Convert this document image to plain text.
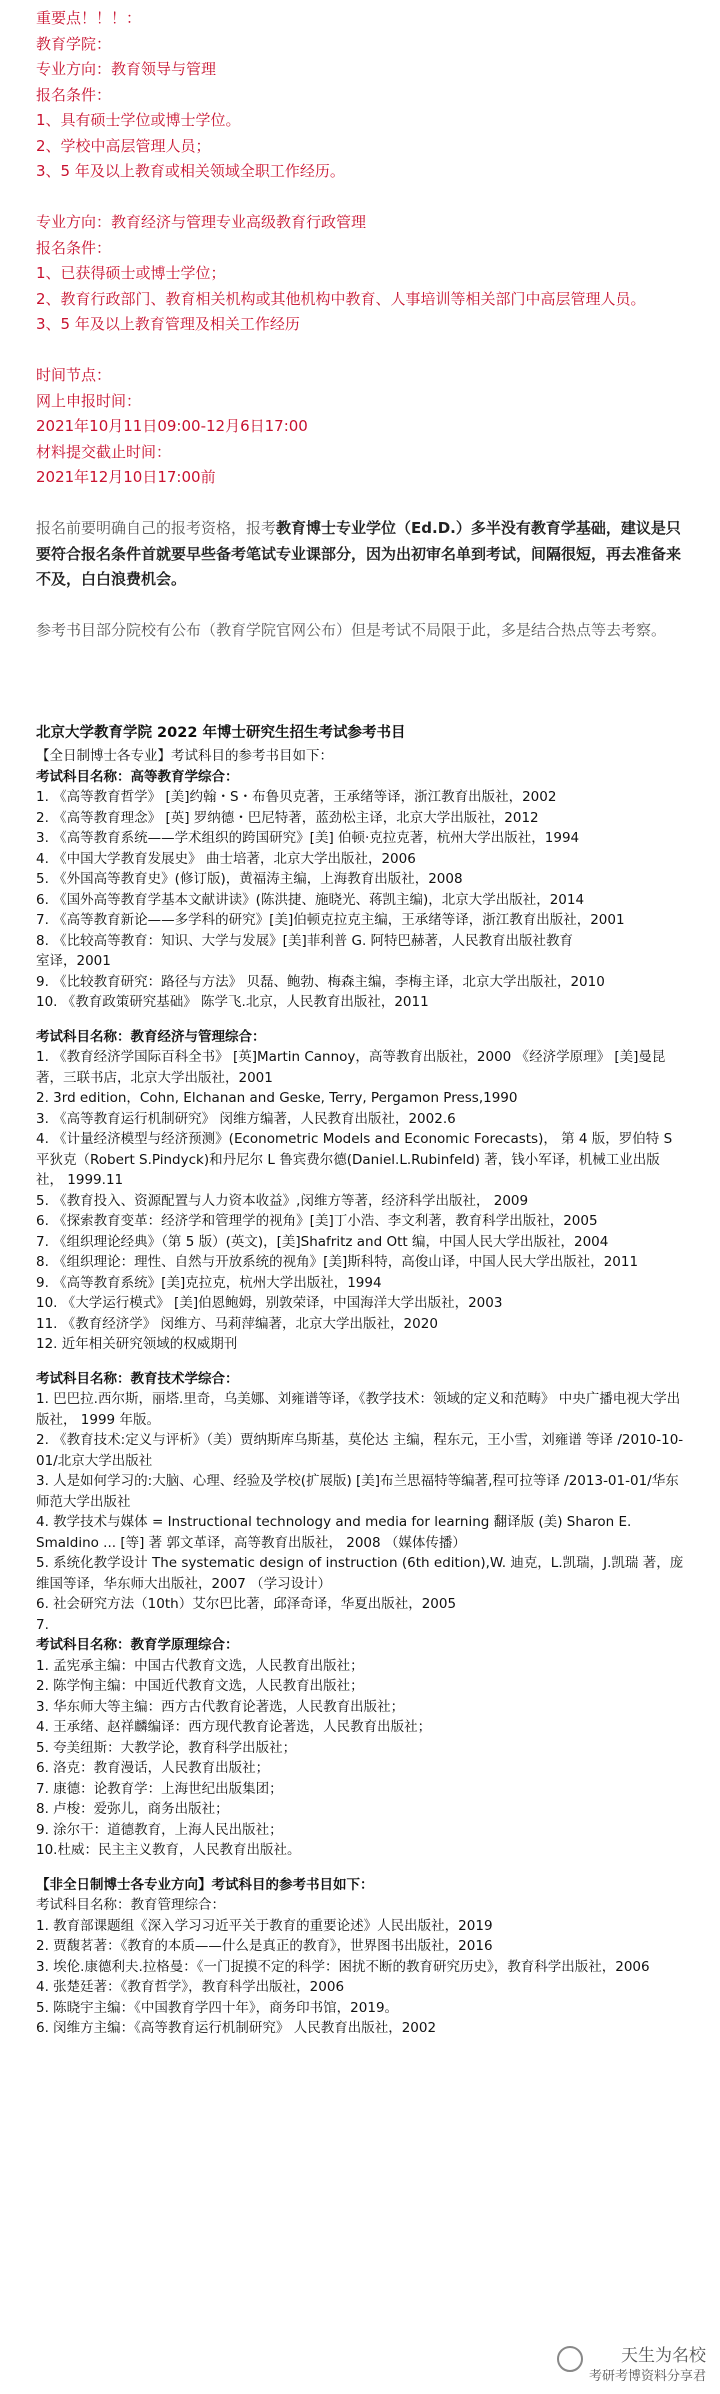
重要点！！！：
教育学院：
专业方向：教育领导与管理
报名条件：
1、具有硕士学位或博士学位。
2、学校中高层管理人员；
3、5 年及以上教育或相关领域全职工作经历。
专业方向：教育经济与管理专业高级教育行政管理
报名条件：
1、已获得硕士或博士学位；
2、教育行政部门、教育相关机构或其他机构中教育、人事培训等相关部门中高层管理人员。
3、5 年及以上教育管理及相关工作经历
时间节点：
网上申报时间：
2021年10月11日09:00-12月6日17:00
材料提交截止时间：
2021年12月10日17:00前
报名前要明确自己的报考资格，报考教育博士专业学位（Ed.D.）多半没有教育学基础，建议是只要符合报名条件首就要早些备考笔试专业课部分，因为出初审名单到考试，间隔很短，再去准备来不及，白白浪费机会。
参考书目部分院校有公布（教育学院官网公布）但是考试不局限于此，多是结合热点等去考察。
北京大学教育学院 2022 年博士研究生招生考试参考书目
【全日制博士各专业】考试科目的参考书目如下：
考试科目名称：高等教育学综合：
1. 《高等教育哲学》 [美]约翰・S・布鲁贝克著，王承绪等译，浙江教育出版社，2002
2. 《高等教育理念》 [英] 罗纳德・巴尼特著，蓝劲松主译，北京大学出版社，2012
3. 《高等教育系统——学术组织的跨国研究》[美] 伯顿·克拉克著，杭州大学出版社，1994
4. 《中国大学教育发展史》 曲士培著，北京大学出版社，2006
5. 《外国高等教育史》(修订版)，黄福涛主编，上海教育出版社，2008
6. 《国外高等教育学基本文献讲读》(陈洪捷、施晓光、蒋凯主编)，北京大学出版社，2014
7. 《高等教育新论——多学科的研究》[美]伯顿克拉克主编，王承绪等译，浙江教育出版社，2001
8. 《比较高等教育：知识、大学与发展》[美]菲利普 G. 阿特巴赫著，人民教育出版社教育
室译，2001
9. 《比较教育研究：路径与方法》 贝磊、鲍勃、梅森主编，李梅主译，北京大学出版社，2010
10. 《教育政策研究基础》 陈学飞.北京，人民教育出版社，2011
考试科目名称：教育经济与管理综合：
1. 《教育经济学国际百科全书》 [英]Martin Cannoy，高等教育出版社，2000 《经济学原理》 [美]曼昆著，三联书店，北京大学出版社，2001
2. 3rd edition，Cohn, Elchanan and Geske, Terry, Pergamon Press,1990
3. 《高等教育运行机制研究》 闵维方编著，人民教育出版社，2002.6
4. 《计量经济模型与经济预测》(Econometric Models and Economic Forecasts)， 第 4 版，罗伯特 S 平狄克（Robert S.Pindyck)和丹尼尔 L 鲁宾费尔德(Daniel.L.Rubinfeld) 著，钱小军译，机械工业出版社， 1999.11
5. 《教育投入、资源配置与人力资本收益》,闵维方等著，经济科学出版社， 2009
6. 《探索教育变革：经济学和管理学的视角》[美]丁小浩、李文利著，教育科学出版社，2005
7. 《组织理论经典》（第 5 版）(英文)，[美]Shafritz and Ott 编，中国人民大学出版社，2004
8. 《组织理论：理性、自然与开放系统的视角》[美]斯科特，高俊山译，中国人民大学出版社，2011
9. 《高等教育系统》[美]克拉克，杭州大学出版社，1994
10. 《大学运行模式》 [美]伯恩鲍姆，别敦荣译，中国海洋大学出版社，2003
11. 《教育经济学》 闵维方、马莉萍编著，北京大学出版社，2020
12. 近年相关研究领域的权威期刊
考试科目名称：教育技术学综合：
1. 巴巴拉.西尔斯，丽塔.里奇，乌美娜、刘雍谱等译，《教学技术：领域的定义和范畴》 中央广播电视大学出版社， 1999 年版。
2. 《教育技术:定义与评析》（美）贾纳斯库乌斯基，莫伦达 主编，程东元，王小雪，刘雍谱 等译 /2010-10-01/北京大学出版社
3. 人是如何学习的:大脑、心理、经验及学校(扩展版) [美]布兰思福特等编著,程可拉等译 /2013-01-01/华东师范大学出版社
4. 教学技术与媒体 = Instructional technology and media for learning 翻译版 (美) Sharon E. Smaldino ... [等] 著 郭文革译，高等教育出版社， 2008 （媒体传播）
5. 系统化教学设计 The systematic design of instruction (6th edition),W. 迪克，L.凯瑞，J.凯瑞 著，庞维国等译，华东师大出版社，2007 （学习设计）
6. 社会研究方法（10th）艾尔巴比著，邱泽奇译，华夏出版社，2005
7.
考试科目名称：教育学原理综合：
1. 孟宪承主编：中国古代教育文选，人民教育出版社；
2. 陈学恂主编：中国近代教育文选，人民教育出版社；
3. 华东师大等主编：西方古代教育论著选，人民教育出版社；
4. 王承绪、赵祥麟编译：西方现代教育论著选，人民教育出版社；
5. 夸美纽斯：大教学论，教育科学出版社；
6. 洛克：教育漫话，人民教育出版社；
7. 康德：论教育学：上海世纪出版集团；
8. 卢梭：爱弥儿，商务出版社；
9. 涂尔干：道德教育，上海人民出版社；
10.杜威：民主主义教育，人民教育出版社。
【非全日制博士各专业方向】考试科目的参考书目如下：
考试科目名称：教育管理综合：
1. 教育部课题组《深入学习习近平关于教育的重要论述》人民出版社，2019
2. 贾馥茗著：《教育的本质——什么是真正的教育》，世界图书出版社，2016
3. 埃伦.康德利夫.拉格曼：《一门捉摸不定的科学：困扰不断的教育研究历史》，教育科学出版社，2006
4. 张楚廷著：《教育哲学》，教育科学出版社，2006
5. 陈晓宇主编：《中国教育学四十年》，商务印书馆，2019。
6. 闵维方主编：《高等教育运行机制研究》 人民教育出版社，2002
天生为名校
考研考博资料分享君
